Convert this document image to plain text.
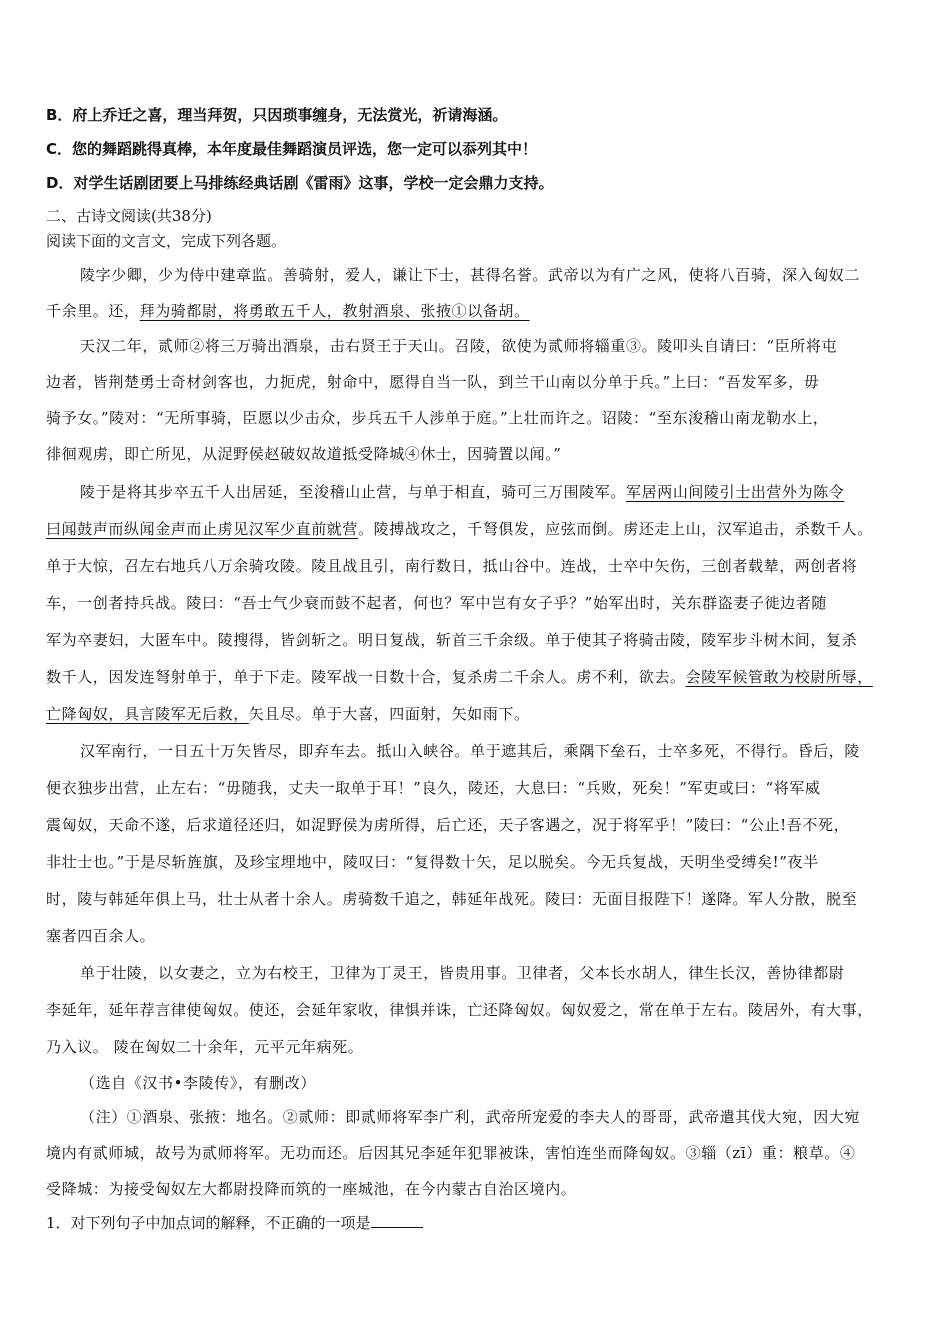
B．府上乔迁之喜，理当拜贺，只因琐事缠身，无法赏光，祈请海涵。
C．您的舞蹈跳得真棒，本年度最佳舞蹈演员评选，您一定可以忝列其中！
D．对学生话剧团要上马排练经典话剧《雷雨》这事，学校一定会鼎力支持。
二、古诗文阅读(共38分)
阅读下面的文言文，完成下列各题。
陵字少卿，少为侍中建章监。善骑射，爱人，谦让下士，甚得名誉。武帝以为有广之风，使将八百骑，深入匈奴二
千余里。还，拜为骑都尉，将勇敢五千人，教射酒泉、张掖①以备胡。
天汉二年，贰师②将三万骑出酒泉，击右贤王于天山。召陵，欲使为贰师将辎重③。陵叩头自请曰：“臣所将屯
边者，皆荆楚勇士奇材剑客也，力扼虎，射命中，愿得自当一队，到兰干山南以分单于兵。”上曰：“吾发军多，毋
骑予女。”陵对：“无所事骑，臣愿以少击众，步兵五千人涉单于庭。”上壮而许之。诏陵：“至东浚稽山南龙勒水上，
徘徊观虏，即亡所见，从浞野侯赵破奴故道抵受降城④休士，因骑置以闻。”
陵于是将其步卒五千人出居延，至浚稽山止营，与单于相直，骑可三万围陵军。军居两山间陵引士出营外为陈令
曰闻鼓声而纵闻金声而止虏见汉军少直前就营。陵搏战攻之，千弩俱发，应弦而倒。虏还走上山，汉军追击，杀数千人。
单于大惊，召左右地兵八万余骑攻陵。陵且战且引，南行数日，抵山谷中。连战，士卒中矢伤，三创者载辇，两创者将
车，一创者持兵战。陵曰：“吾士气少衰而鼓不起者，何也？军中岂有女子乎？”始军出时，关东群盗妻子徙边者随
军为卒妻妇，大匿车中。陵搜得，皆剑斩之。明日复战，斩首三千余级。单于使其子将骑击陵，陵军步斗树木间，复杀
数千人，因发连弩射单于，单于下走。陵军战一日数十合，复杀虏二千余人。虏不利，欲去。会陵军候管敢为校尉所辱，
亡降匈奴，具言陵军无后救，矢且尽。单于大喜，四面射，矢如雨下。
汉军南行，一日五十万矢皆尽，即弃车去。抵山入峡谷。单于遮其后，乘隅下垒石，士卒多死，不得行。昏后，陵
便衣独步出营，止左右：“毋随我，丈夫一取单于耳！”良久，陵还，大息曰：“兵败，死矣！”军吏或曰：“将军威
震匈奴，天命不遂，后求道径还归，如浞野侯为虏所得，后亡还，天子客遇之，况于将军乎！”陵曰：“公止!吾不死，
非壮士也。”于是尽斩旌旗，及珍宝埋地中，陵叹曰：“复得数十矢，足以脱矣。今无兵复战，天明坐受缚矣!”夜半
时，陵与韩延年俱上马，壮士从者十余人。虏骑数千追之，韩延年战死。陵曰：无面目报陛下！遂降。军人分散，脱至
塞者四百余人。
单于壮陵，以女妻之，立为右校王，卫律为丁灵王，皆贵用事。卫律者，父本长水胡人，律生长汉，善协律都尉
李延年，延年荐言律使匈奴。使还，会延年家收，律惧并诛，亡还降匈奴。匈奴爱之，常在单于左右。陵居外，有大事，
乃入议。 陵在匈奴二十余年，元平元年病死。
（选自《汉书•李陵传》，有删改）
（注）①酒泉、张掖：地名。②贰师：即贰师将军李广利，武帝所宠爱的李夫人的哥哥，武帝遣其伐大宛，因大宛
境内有贰师城，故号为贰师将军。无功而还。后因其兄李延年犯罪被诛，害怕连坐而降匈奴。③辎（zī）重：粮草。④
受降城：为接受匈奴左大都尉投降而筑的一座城池，在今内蒙古自治区境内。
1．对下列句子中加点词的解释，不正确的一项是
